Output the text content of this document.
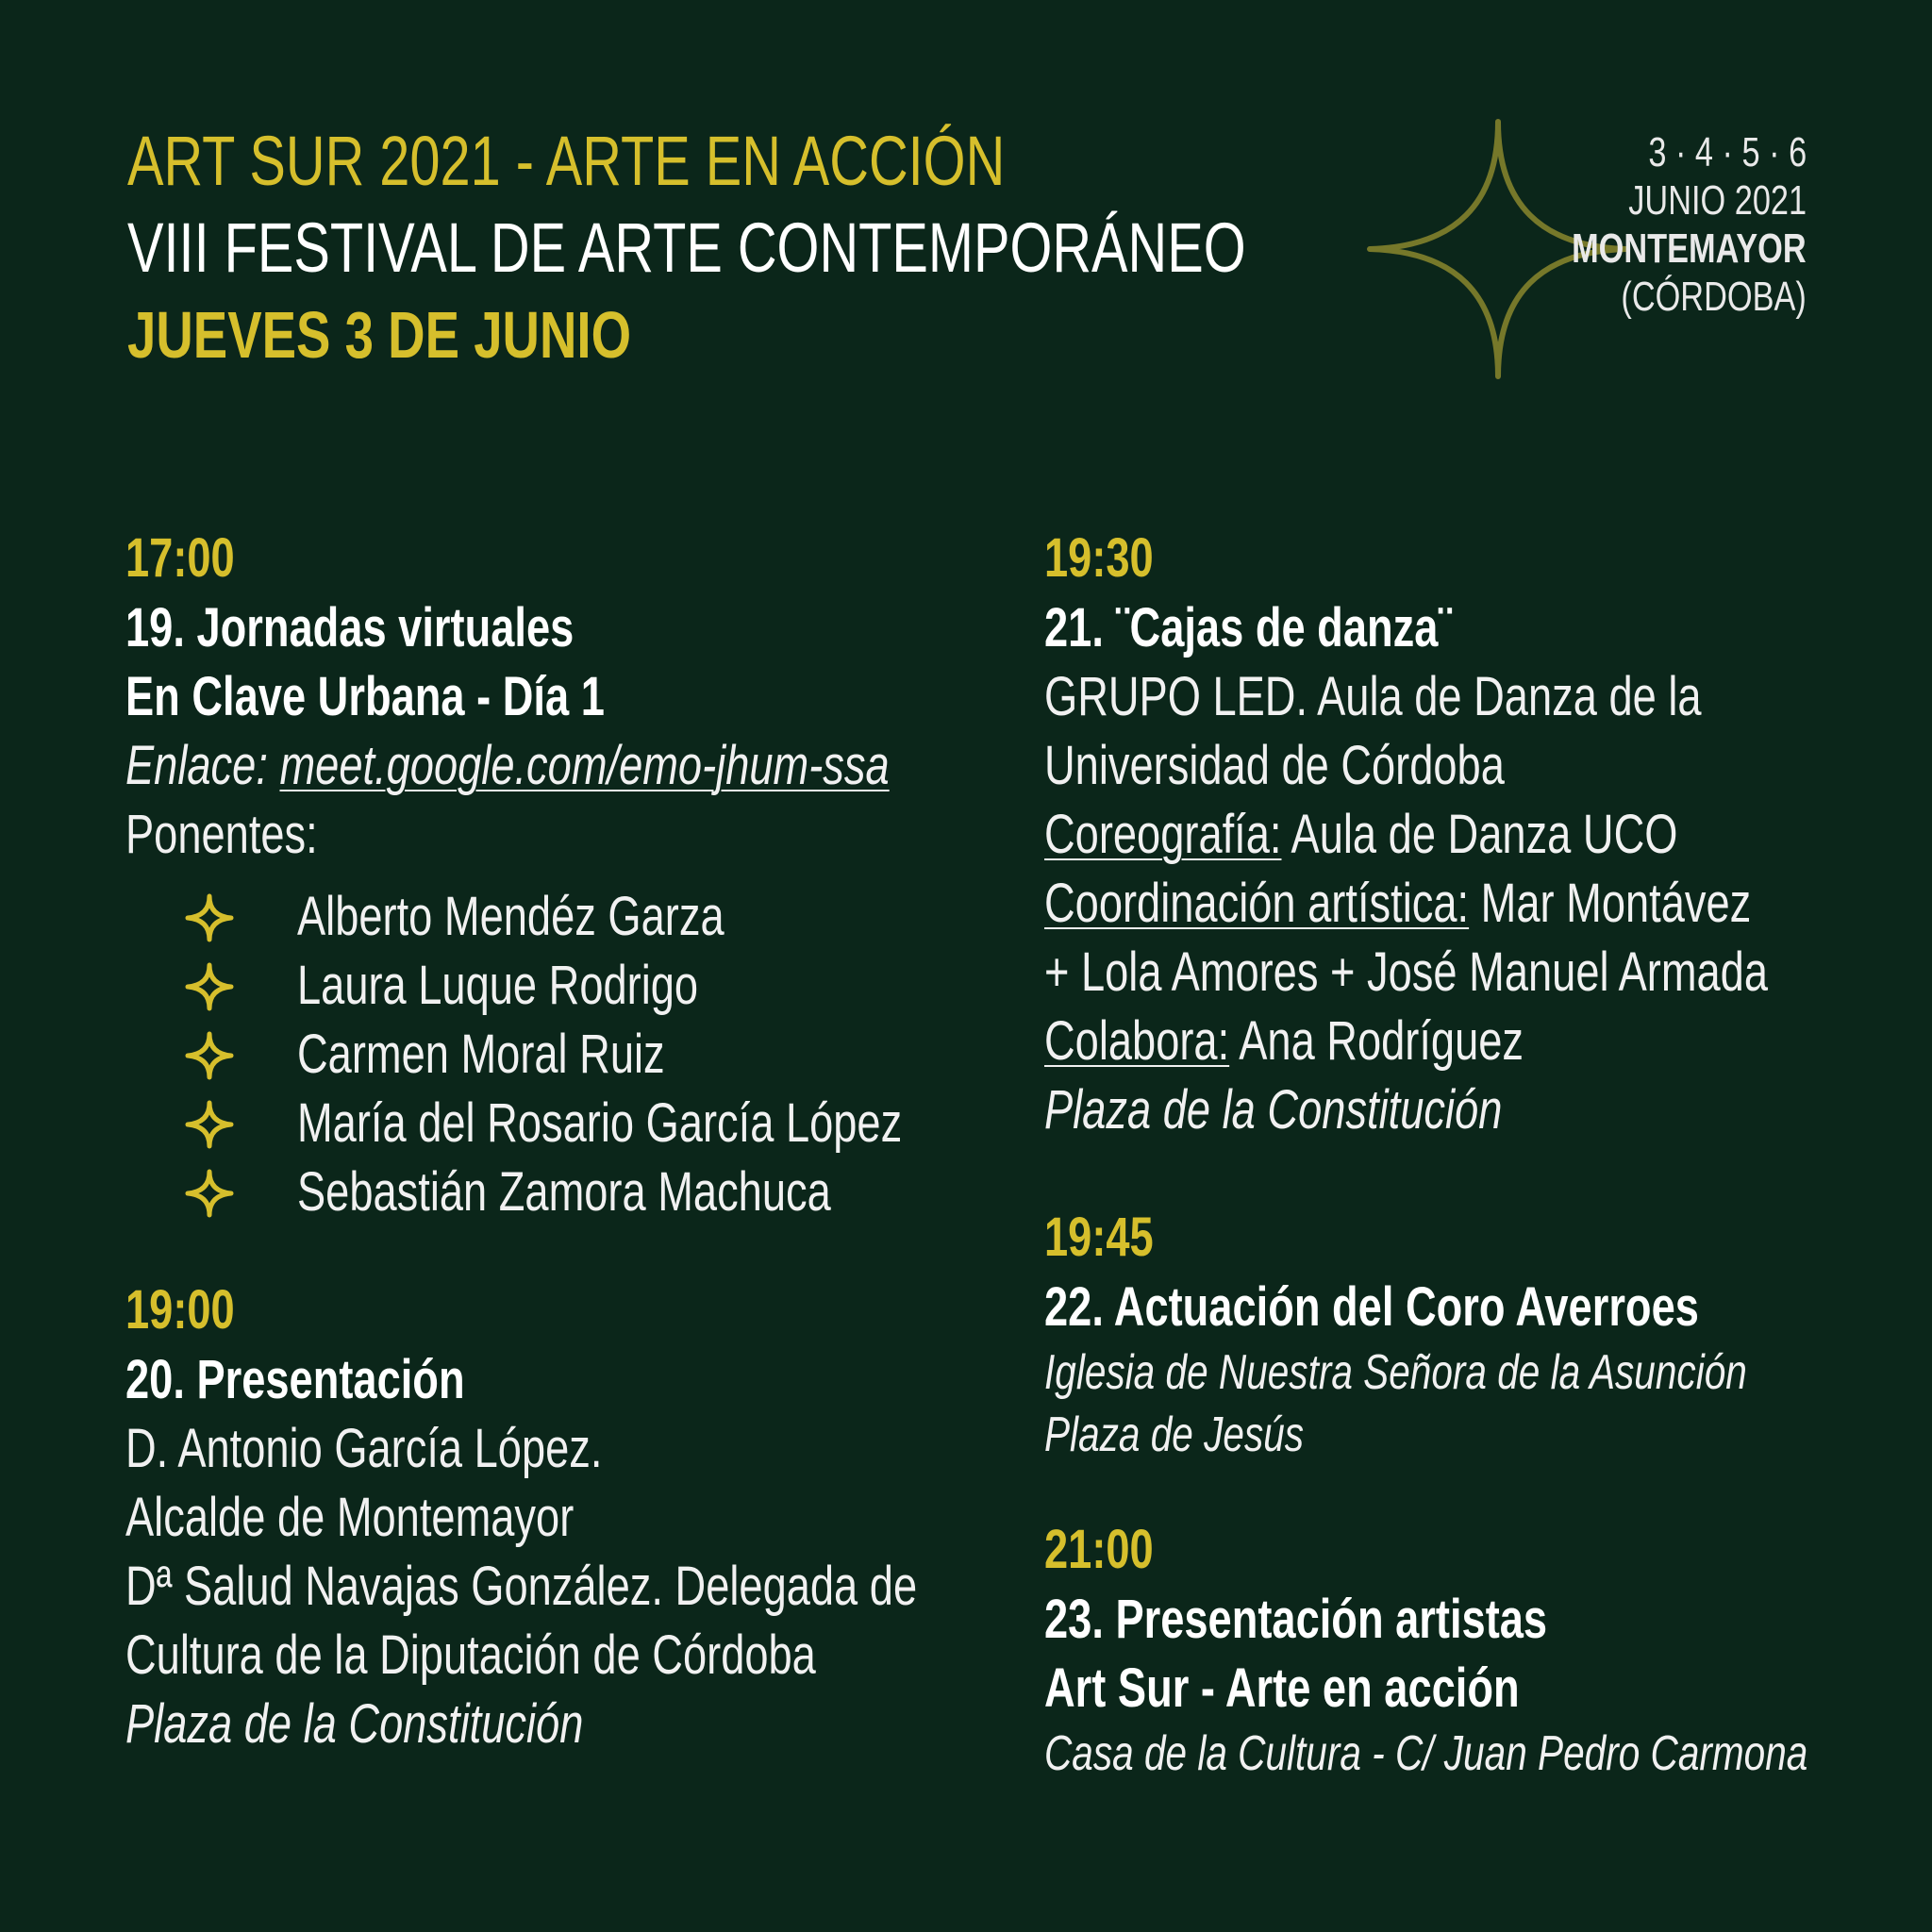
ART SUR 2021 - ARTE EN ACCIÓN
VIII FESTIVAL DE ARTE CONTEMPORÁNEO
JUEVES 3 DE JUNIO
3 · 4 · 5 · 6
JUNIO 2021
MONTEMAYOR
(CÓRDOBA)
17:00
19. Jornadas virtuales
En Clave Urbana - Día 1
Enlace: meet.google.com/emo-jhum-ssa
Ponentes:
Alberto Mendéz Garza
Laura Luque Rodrigo
Carmen Moral Ruiz
María del Rosario García López
Sebastián Zamora Machuca
19:00
20. Presentación
D. Antonio García López.
Alcalde de Montemayor
Dª Salud Navajas González. Delegada de
Cultura de la Diputación de Córdoba
Plaza de la Constitución
19:30
21. ¨Cajas de danza¨
GRUPO LED. Aula de Danza de la
Universidad de Córdoba
Coreografía: Aula de Danza UCO
Coordinación artística: Mar Montávez
+ Lola Amores + José Manuel Armada
Colabora: Ana Rodríguez
Plaza de la Constitución
19:45
22. Actuación del Coro Averroes
Iglesia de Nuestra Señora de la Asunción
Plaza de Jesús
21:00
23. Presentación artistas
Art Sur - Arte en acción
Casa de la Cultura - C/ Juan Pedro Carmona
